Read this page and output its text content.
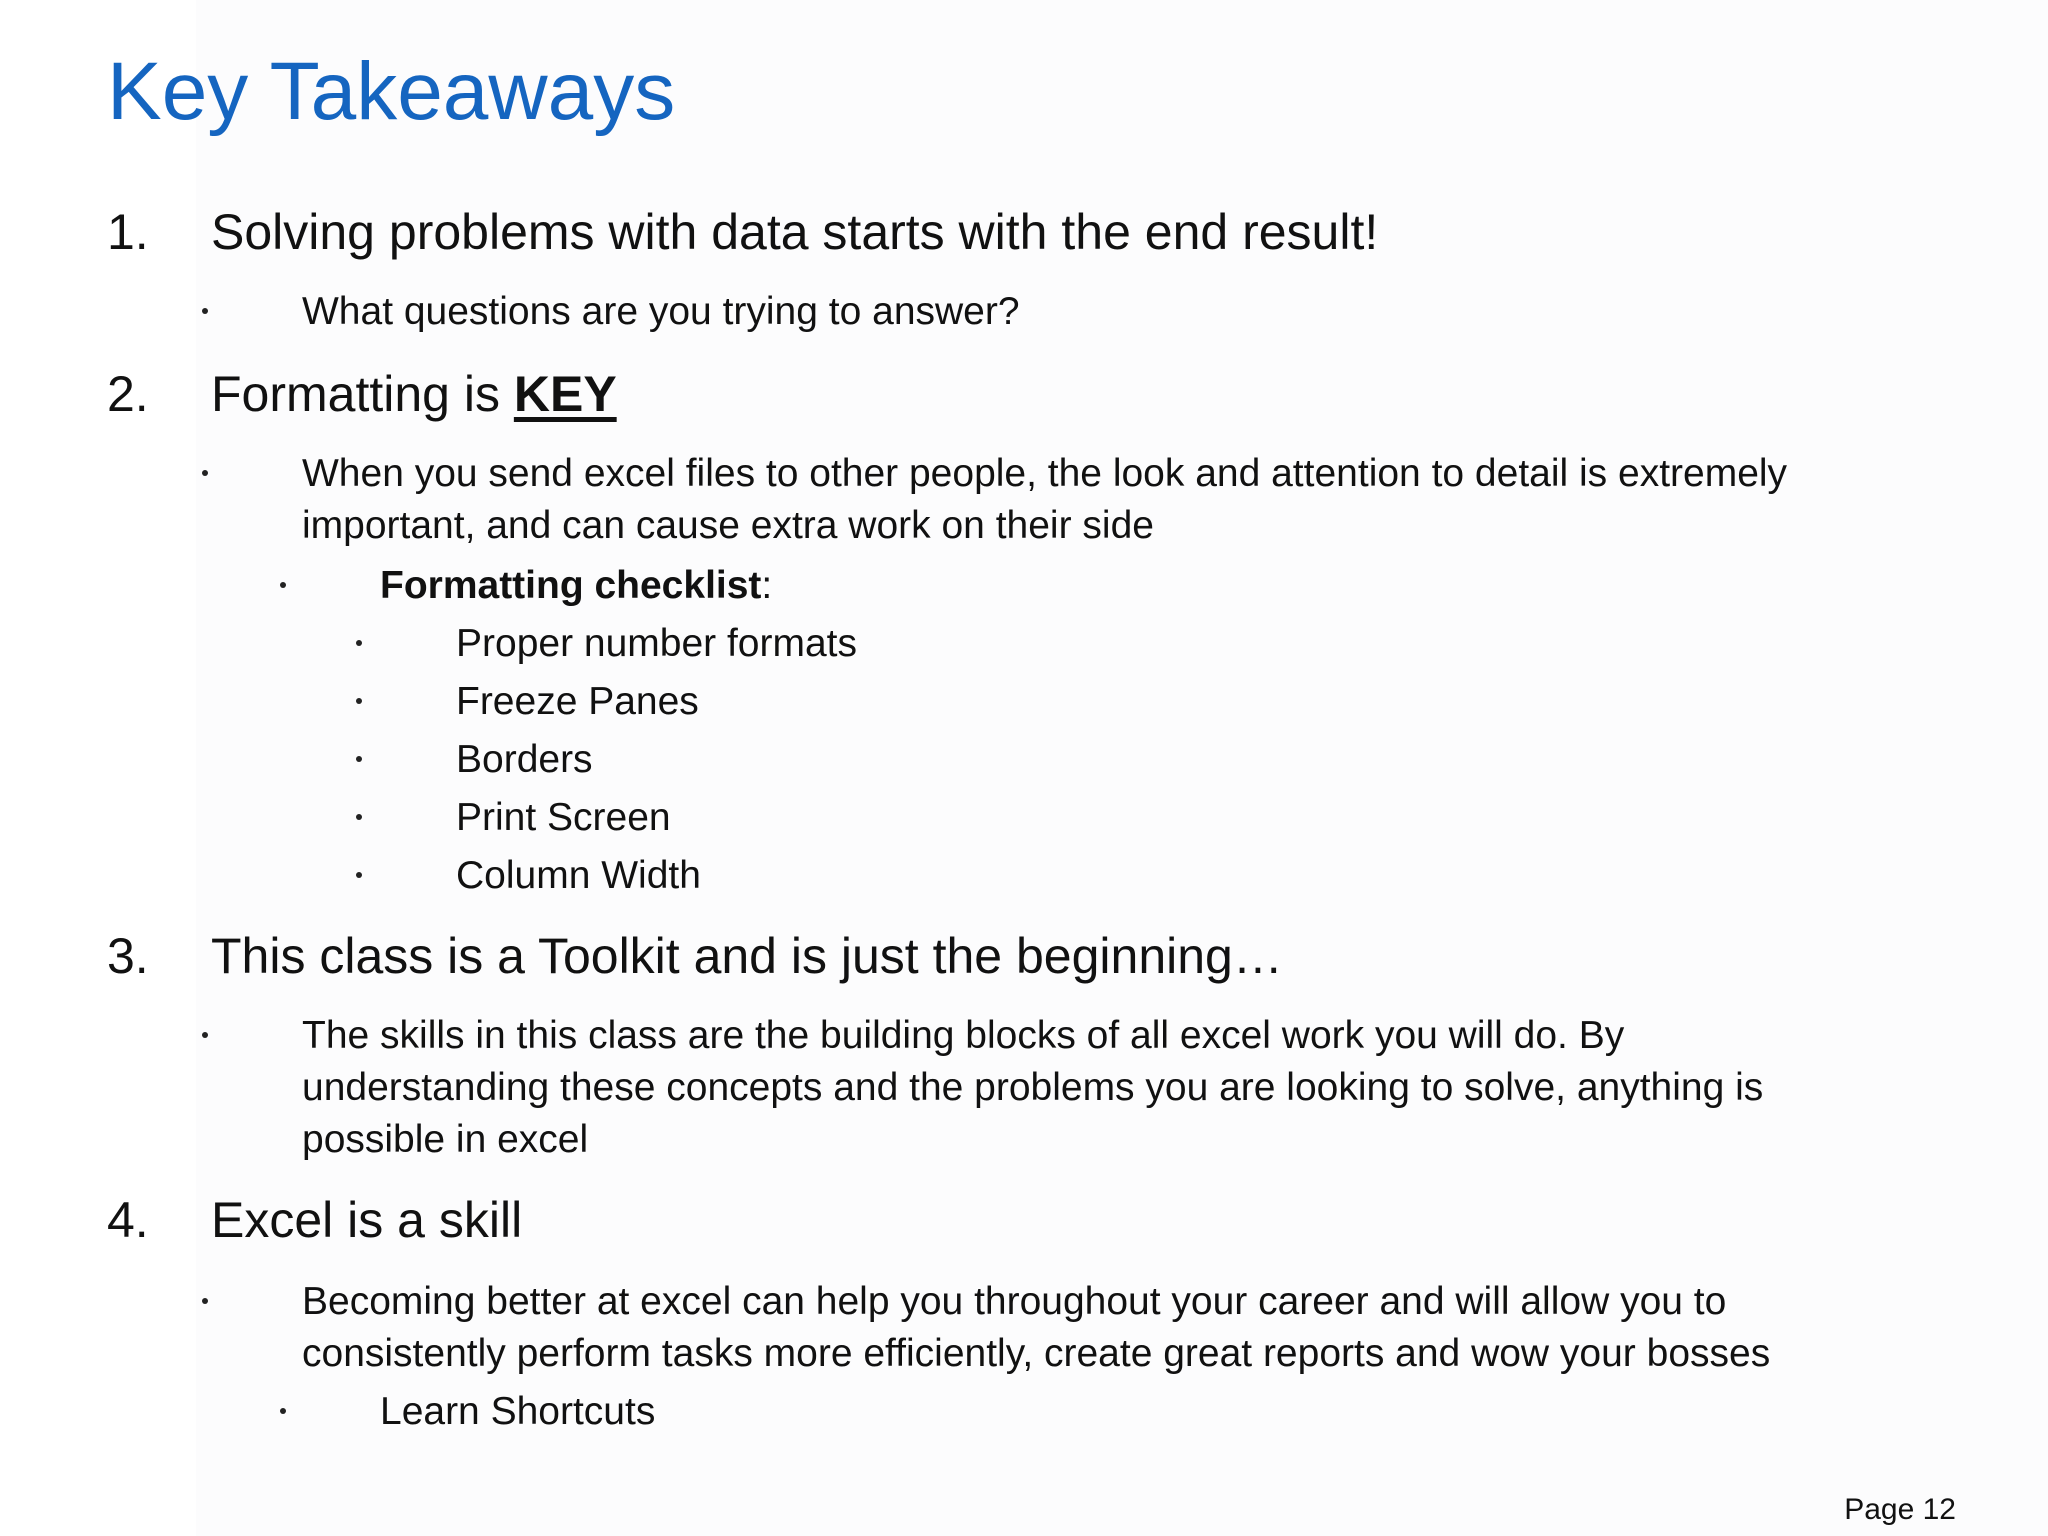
Key Takeaways
1. Solving problems with data starts with the end result!
What questions are you trying to answer?
2. Formatting is KEY
When you send excel files to other people, the look and attention to detail is extremely
important, and can cause extra work on their side
Formatting checklist:
Proper number formats
Freeze Panes
Borders
Print Screen
Column Width
3. This class is a Toolkit and is just the beginning…
The skills in this class are the building blocks of all excel work you will do. By
understanding these concepts and the problems you are looking to solve, anything is
possible in excel
4. Excel is a skill
Becoming better at excel can help you throughout your career and will allow you to
consistently perform tasks more efficiently, create great reports and wow your bosses
Learn Shortcuts
Page 12
